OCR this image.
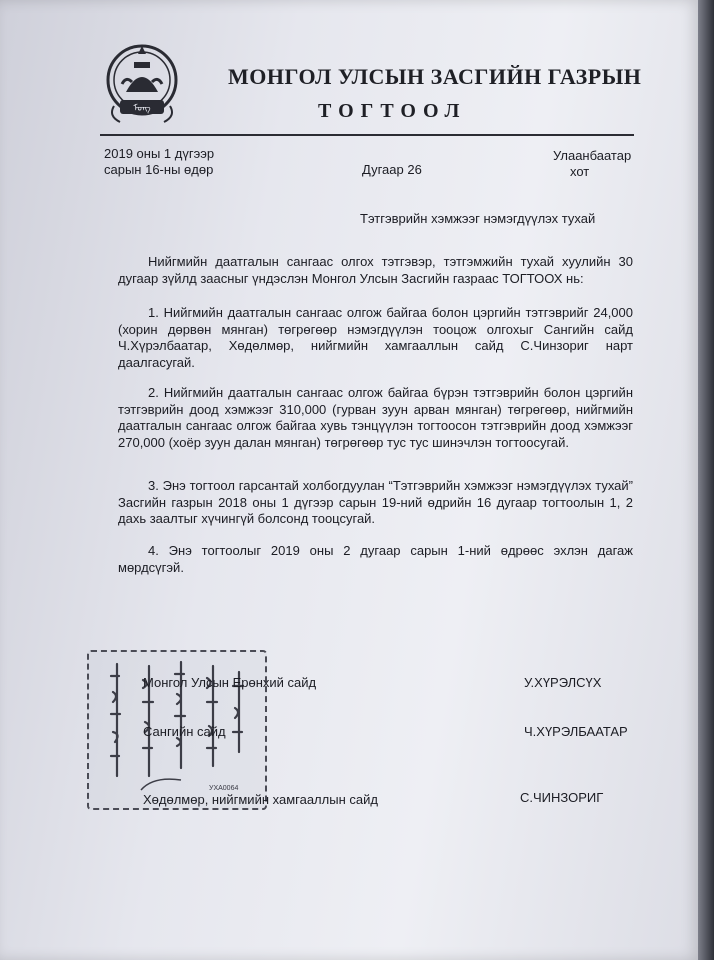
ᠮᠣᠩ
МОНГОЛ УЛСЫН ЗАСГИЙН ГАЗРЫН
ТОГТООЛ
2019 оны 1 дүгээр
сарын 16-ны өдөр	Дугаар 26
Улаанбаатар
хот
Тэтгэврийн хэмжээг нэмэгдүүлэх тухай
Нийгмийн даатгалын сангаас олгох тэтгэвэр, тэтгэмжийн тухай хуулийн 30 дугаар зүйлд заасныг үндэслэн Монгол Улсын Засгийн газраас ТОГТООХ нь:
1. Нийгмийн даатгалын сангаас олгож байгаа болон цэргийн тэтгэврийг 24,000 (хорин дөрвөн мянган) төгрөгөөр нэмэгдүүлэн тооцож олгохыг Сангийн сайд Ч.Хүрэлбаатар, Хөдөлмөр, нийгмийн хамгааллын сайд С.Чинзориг нарт даалгасугай.
2. Нийгмийн даатгалын сангаас олгож байгаа бүрэн тэтгэврийн болон цэргийн тэтгэврийн доод хэмжээг 310,000 (гурван зуун арван мянган) төгрөгөөр, нийгмийн даатгалын сангаас олгож байгаа хувь тэнцүүлэн тогтоосон тэтгэврийн доод хэмжээг 270,000 (хоёр зуун далан мянган) төгрөгөөр тус тус шинэчлэн тогтоосугай.
3. Энэ тогтоол гарсантай холбогдуулан “Тэтгэврийн хэмжээг нэмэгдүүлэх тухай” Засгийн газрын 2018 оны 1 дүгээр сарын 19-ний өдрийн 16 дугаар тогтоолын 1, 2 дахь заалтыг хүчингүй болсонд тооцсугай.
4. Энэ тогтоолыг 2019 оны 2 дугаар сарын 1-ний өдрөөс эхлэн дагаж мөрдсүгэй.
УХА0064
Монгол Улсын Ерөнхий сайд	У.ХҮРЭЛСҮХ
Сангийн сайд	Ч.ХҮРЭЛБААТАР
Хөдөлмөр, нийгмийн хамгааллын сайд	С.ЧИНЗОРИГ
